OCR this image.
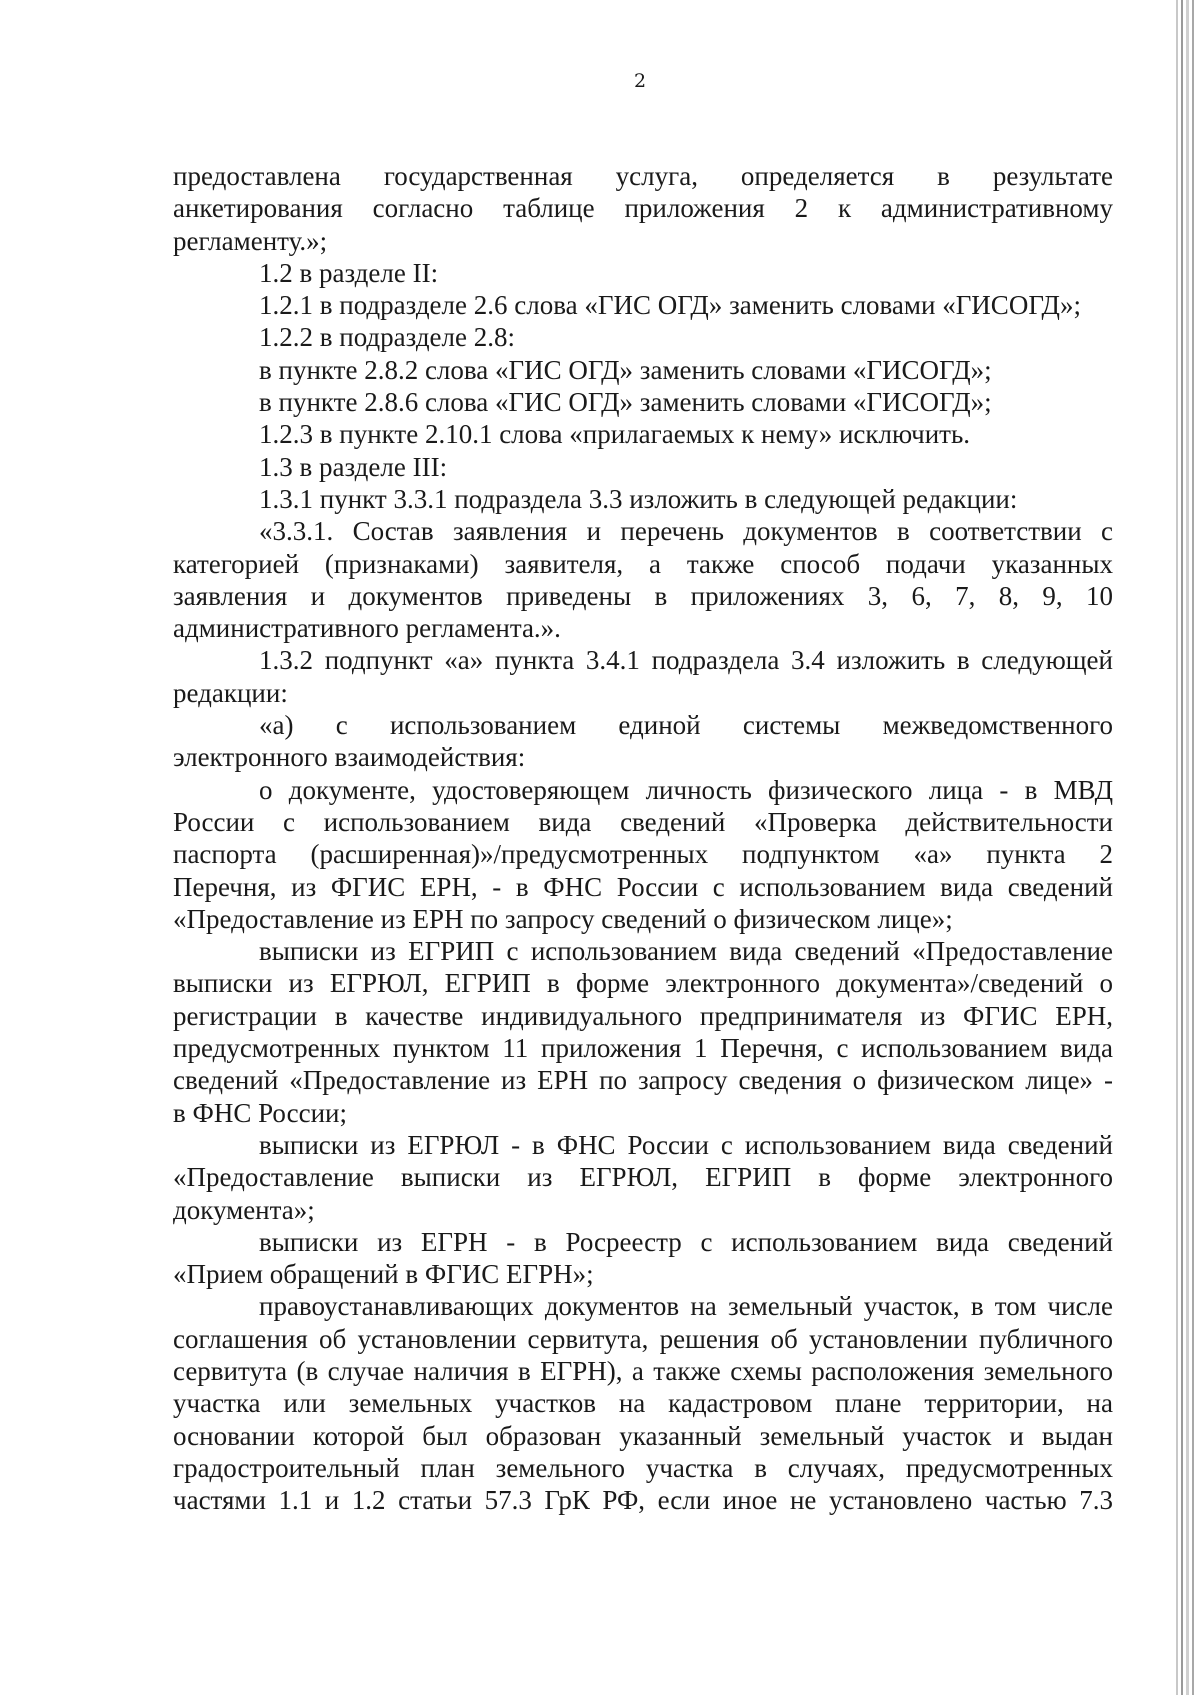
2
предоставлена государственная услуга, определяется в результате
анкетирования согласно таблице приложения 2 к административному
регламенту.»;
1.2 в разделе II:
1.2.1 в подразделе 2.6 слова «ГИС ОГД» заменить словами «ГИСОГД»;
1.2.2 в подразделе 2.8:
в пункте 2.8.2 слова «ГИС ОГД» заменить словами «ГИСОГД»;
в пункте 2.8.6 слова «ГИС ОГД» заменить словами «ГИСОГД»;
1.2.3 в пункте 2.10.1 слова «прилагаемых к нему» исключить.
1.3 в разделе III:
1.3.1 пункт 3.3.1 подраздела 3.3 изложить в следующей редакции:
«3.3.1. Состав заявления и перечень документов в соответствии с
категорией (признаками) заявителя, а также способ подачи указанных
заявления и документов приведены в приложениях 3, 6, 7, 8, 9, 10
административного регламента.».
1.3.2 подпункт «а» пункта 3.4.1 подраздела 3.4 изложить в следующей
редакции:
«а) с использованием единой системы межведомственного
электронного взаимодействия:
о документе, удостоверяющем личность физического лица - в МВД
России с использованием вида сведений «Проверка действительности
паспорта (расширенная)»/предусмотренных подпунктом «а» пункта 2
Перечня, из ФГИС ЕРН, - в ФНС России с использованием вида сведений
«Предоставление из ЕРН по запросу сведений о физическом лице»;
выписки из ЕГРИП с использованием вида сведений «Предоставление
выписки из ЕГРЮЛ, ЕГРИП в форме электронного документа»/сведений о
регистрации в качестве индивидуального предпринимателя из ФГИС ЕРН,
предусмотренных пунктом 11 приложения 1 Перечня, с использованием вида
сведений «Предоставление из ЕРН по запросу сведения о физическом лице» -
в ФНС России;
выписки из ЕГРЮЛ - в ФНС России с использованием вида сведений
«Предоставление выписки из ЕГРЮЛ, ЕГРИП в форме электронного
документа»;
выписки из ЕГРН - в Росреестр с использованием вида сведений
«Прием обращений в ФГИС ЕГРН»;
правоустанавливающих документов на земельный участок, в том числе
соглашения об установлении сервитута, решения об установлении публичного
сервитута (в случае наличия в ЕГРН), а также схемы расположения земельного
участка или земельных участков на кадастровом плане территории, на
основании которой был образован указанный земельный участок и выдан
градостроительный план земельного участка в случаях, предусмотренных
частями 1.1 и 1.2 статьи 57.3 ГрК РФ, если иное не установлено частью 7.3
